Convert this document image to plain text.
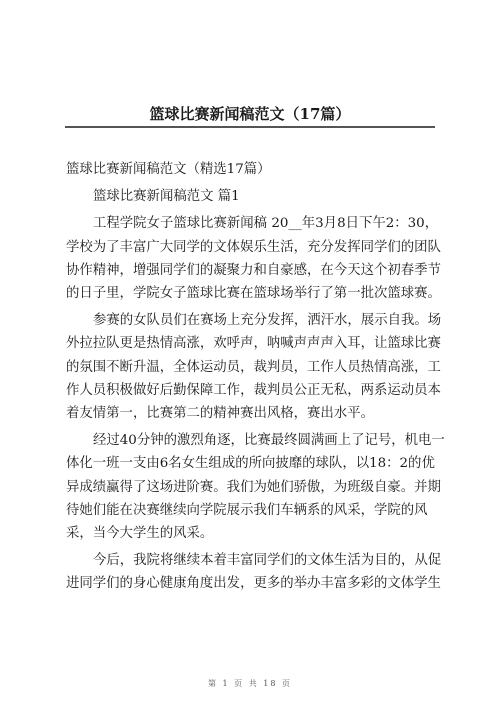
篮球比赛新闻稿范文（17篇）

篮球比赛新闻稿范文（精选17篇）

篮球比赛新闻稿范文 篇1

工程学院女子篮球比赛新闻稿 20__年3月8日下午2：30，学校为了丰富广大同学的文体娱乐生活，充分发挥同学们的团队协作精神，增强同学们的凝聚力和自豪感，在今天这个初春季节的日子里，学院女子篮球比赛在篮球场举行了第一批次篮球赛。

参赛的女队员们在赛场上充分发挥，洒汗水，展示自我。场外拉拉队更是热情高涨，欢呼声，呐喊声声声入耳，让篮球比赛的氛围不断升温，全体运动员，裁判员，工作人员热情高涨，工作人员积极做好后勤保障工作，裁判员公正无私，两系运动员本着友情第一，比赛第二的精神赛出风格，赛出水平。

经过40分钟的激烈角逐，比赛最终圆满画上了记号，机电一体化一班一支由6名女生组成的所向披靡的球队，以18：2的优异成绩赢得了这场进阶赛。我们为她们骄傲，为班级自豪。并期待她们能在决赛继续向学院展示我们车辆系的风采，学院的风采，当今大学生的风采。

今后，我院将继续本着丰富同学们的文体生活为目的，从促进同学们的身心健康角度出发，更多的举办丰富多彩的文体学生

第 1 页 共 18 页
